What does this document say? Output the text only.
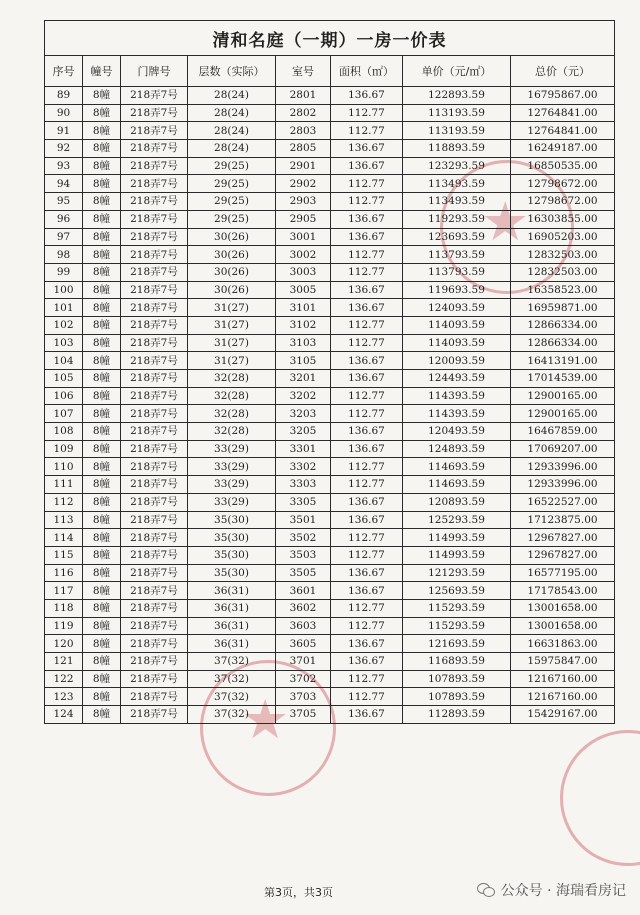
★
★
清和名庭（一期）一房一价表							
序号	幢号	门牌号	层数（实际）	室号	面积（㎡）	单价（元/㎡）	总价（元）
89	8幢	218弄7号	28(24)	2801	136.67	122893.59	16795867.00
90	8幢	218弄7号	28(24)	2802	112.77	113193.59	12764841.00
91	8幢	218弄7号	28(24)	2803	112.77	113193.59	12764841.00
92	8幢	218弄7号	28(24)	2805	136.67	118893.59	16249187.00
93	8幢	218弄7号	29(25)	2901	136.67	123293.59	16850535.00
94	8幢	218弄7号	29(25)	2902	112.77	113493.59	12798672.00
95	8幢	218弄7号	29(25)	2903	112.77	113493.59	12798672.00
96	8幢	218弄7号	29(25)	2905	136.67	119293.59	16303855.00
97	8幢	218弄7号	30(26)	3001	136.67	123693.59	16905203.00
98	8幢	218弄7号	30(26)	3002	112.77	113793.59	12832503.00
99	8幢	218弄7号	30(26)	3003	112.77	113793.59	12832503.00
100	8幢	218弄7号	30(26)	3005	136.67	119693.59	16358523.00
101	8幢	218弄7号	31(27)	3101	136.67	124093.59	16959871.00
102	8幢	218弄7号	31(27)	3102	112.77	114093.59	12866334.00
103	8幢	218弄7号	31(27)	3103	112.77	114093.59	12866334.00
104	8幢	218弄7号	31(27)	3105	136.67	120093.59	16413191.00
105	8幢	218弄7号	32(28)	3201	136.67	124493.59	17014539.00
106	8幢	218弄7号	32(28)	3202	112.77	114393.59	12900165.00
107	8幢	218弄7号	32(28)	3203	112.77	114393.59	12900165.00
108	8幢	218弄7号	32(28)	3205	136.67	120493.59	16467859.00
109	8幢	218弄7号	33(29)	3301	136.67	124893.59	17069207.00
110	8幢	218弄7号	33(29)	3302	112.77	114693.59	12933996.00
111	8幢	218弄7号	33(29)	3303	112.77	114693.59	12933996.00
112	8幢	218弄7号	33(29)	3305	136.67	120893.59	16522527.00
113	8幢	218弄7号	35(30)	3501	136.67	125293.59	17123875.00
114	8幢	218弄7号	35(30)	3502	112.77	114993.59	12967827.00
115	8幢	218弄7号	35(30)	3503	112.77	114993.59	12967827.00
116	8幢	218弄7号	35(30)	3505	136.67	121293.59	16577195.00
117	8幢	218弄7号	36(31)	3601	136.67	125693.59	17178543.00
118	8幢	218弄7号	36(31)	3602	112.77	115293.59	13001658.00
119	8幢	218弄7号	36(31)	3603	112.77	115293.59	13001658.00
120	8幢	218弄7号	36(31)	3605	136.67	121693.59	16631863.00
121	8幢	218弄7号	37(32)	3701	136.67	116893.59	15975847.00
122	8幢	218弄7号	37(32)	3702	112.77	107893.59	12167160.00
123	8幢	218弄7号	37(32)	3703	112.77	107893.59	12167160.00
124	8幢	218弄7号	37(32)	3705	136.67	112893.59	15429167.00
第3页，共3页	公众号 · 海瑞看房记
